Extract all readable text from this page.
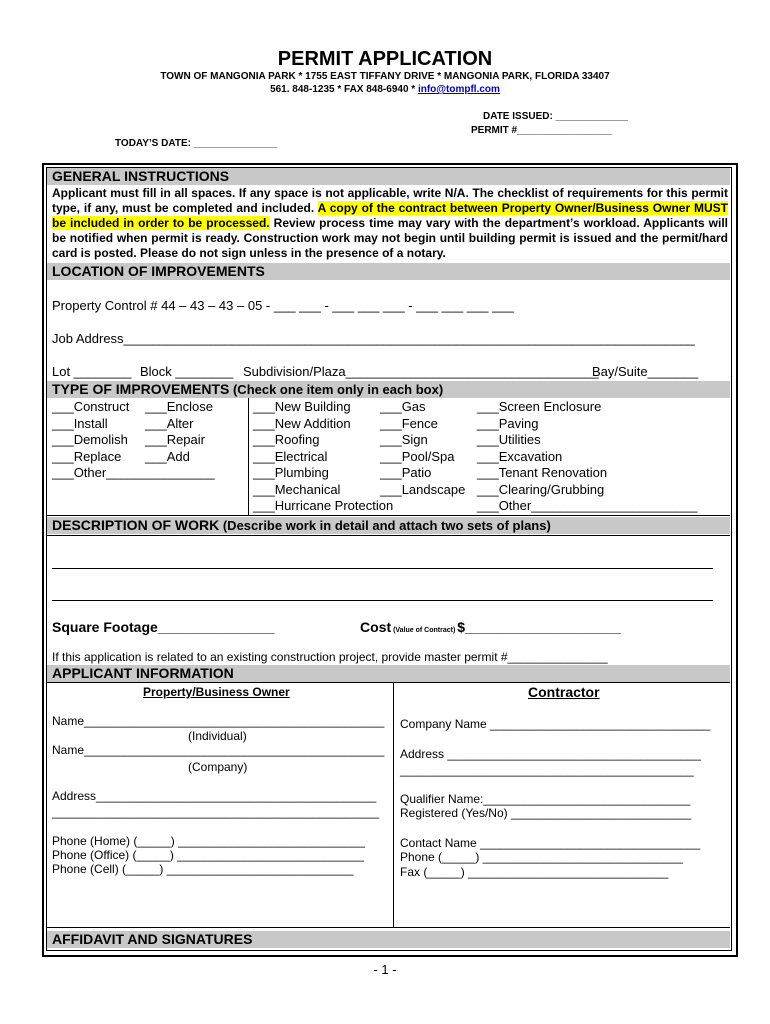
PERMIT APPLICATION
TOWN OF MANGONIA PARK * 1755 EAST TIFFANY DRIVE * MANGONIA PARK, FLORIDA 33407
561. 848-1235 * FAX 848-6940 * info@tompfl.com
DATE ISSUED: _____________
PERMIT #_________________
TODAY’S DATE: _______________
GENERAL INSTRUCTIONS
Applicant must fill in all spaces. If any space is not applicable, write N/A. The checklist of requirements for this permit type, if any, must be completed and included. A copy of the contract between Property Owner/Business Owner MUST be included in order to be processed. Review process time may vary with the department’s workload. Applicants will be notified when permit is ready. Construction work may not begin until building permit is issued and the permit/hard card is posted. Please do not sign unless in the presence of a notary.
LOCATION OF IMPROVEMENTS
Property Control # 44 – 43 – 43 – 05 - ___ ___ - ___ ___ ___ - ___ ___ ___ ___
Job Address_______________________________________________________________________________
Lot ________ Block ________ Subdivision/Plaza___________________________________
Bay/Suite_______
TYPE OF IMPROVEMENTS (Check one item only in each box)
___Construct
___Install
___Demolish
___Replace
___Other_______________
___Enclose
___Alter
___Repair
___Add
___New Building
___New Addition
___Roofing
___Electrical
___Plumbing
___Mechanical
___Hurricane Protection
___Gas
___Fence
___Sign
___Pool/Spa
___Patio
___Landscape
___Screen Enclosure
___Paving
___Utilities
___Excavation
___Tenant Renovation
___Clearing/Grubbing
___Other_______________________
DESCRIPTION OF WORK (Describe work in detail and attach two sets of plans)
Square Footage_______________	Cost (Value of Contract) $____________________
If this application is related to an existing construction project, provide master permit #_______________
APPLICANT INFORMATION
Property/Business Owner	Contractor
Name_____________________________________________
(Individual)
Name_____________________________________________
(Company)
Address__________________________________________
_________________________________________________
Phone (Home) (_____) ____________________________
Phone (Office) (_____) ____________________________
Phone (Cell) (_____) ____________________________
Company Name _________________________________
Address ______________________________________
____________________________________________
Qualifier Name:_______________________________
Registered (Yes/No) ___________________________
Contact Name _________________________________
Phone (_____) ______________________________
Fax (_____) ______________________________
AFFIDAVIT AND SIGNATURES
- 1 -
